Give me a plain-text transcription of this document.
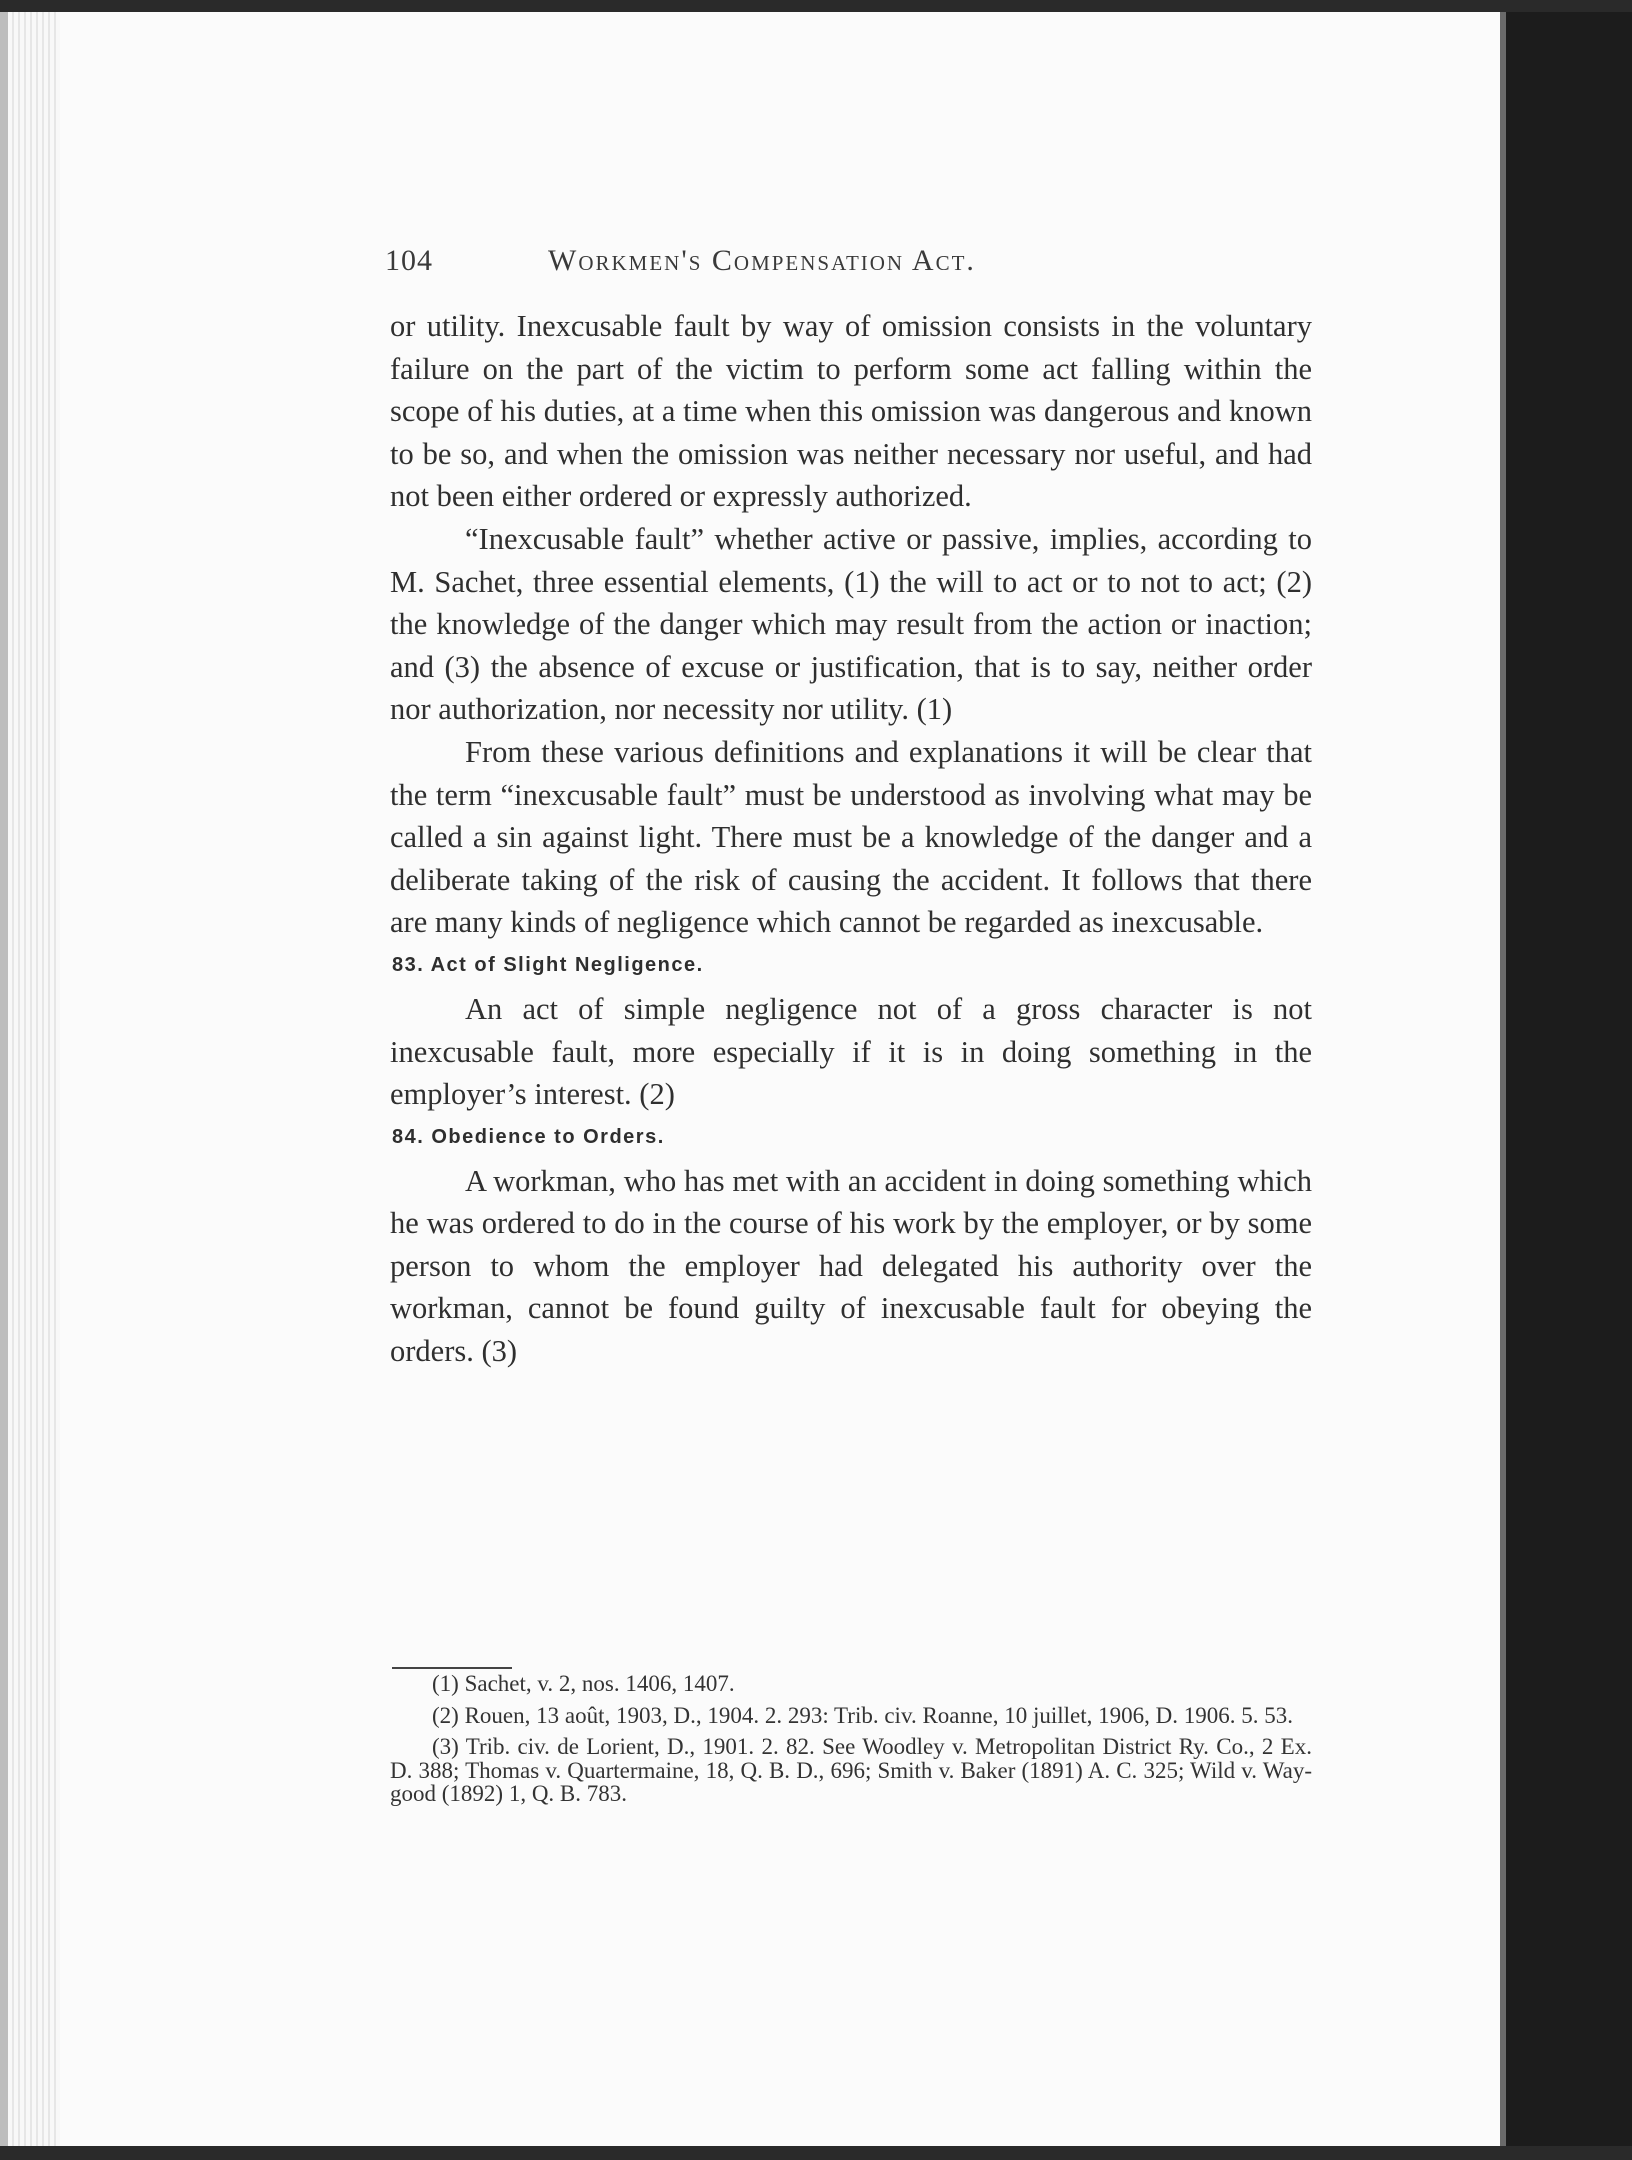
104	Workmen's Compensation Act.

or utility. Inexcusable fault by way of omission consists in the voluntary failure on the part of the victim to perform some act falling within the scope of his duties, at a time when this omission was dangerous and known to be so, and when the omission was neither necessary nor useful, and had not been either ordered or expressly authorized.

“Inexcusable fault” whether active or passive, implies, according to M. Sachet, three essential elements, (1) the will to act or to not to act; (2) the knowledge of the danger which may result from the action or inaction; and (3) the absence of excuse or justification, that is to say, neither order nor authorization, nor necessity nor utility. (1)

From these various definitions and explanations it will be clear that the term “inexcusable fault” must be understood as involving what may be called a sin against light. There must be a knowledge of the danger and a deliberate taking of the risk of causing the accident. It follows that there are many kinds of negligence which cannot be regarded as inexcusable.

83. Act of Slight Negligence.

An act of simple negligence not of a gross character is not inexcusable fault, more especially if it is in doing something in the employer’s interest. (2)

84. Obedience to Orders.

A workman, who has met with an accident in doing something which he was ordered to do in the course of his work by the employer, or by some person to whom the employer had delegated his authority over the workman, cannot be found guilty of inexcusable fault for obeying the orders. (3)

(1) Sachet, v. 2, nos. 1406, 1407.

(2) Rouen, 13 août, 1903, D., 1904. 2. 293: Trib. civ. Roanne, 10 juillet, 1906, D. 1906. 5. 53.

(3) Trib. civ. de Lorient, D., 1901. 2. 82. See Woodley v. Metropolitan District Ry. Co., 2 Ex. D. 388; Thomas v. Quartermaine, 18, Q. B. D., 696; Smith v. Baker (1891) A. C. 325; Wild v. Waygood (1892) 1, Q. B. 783.
